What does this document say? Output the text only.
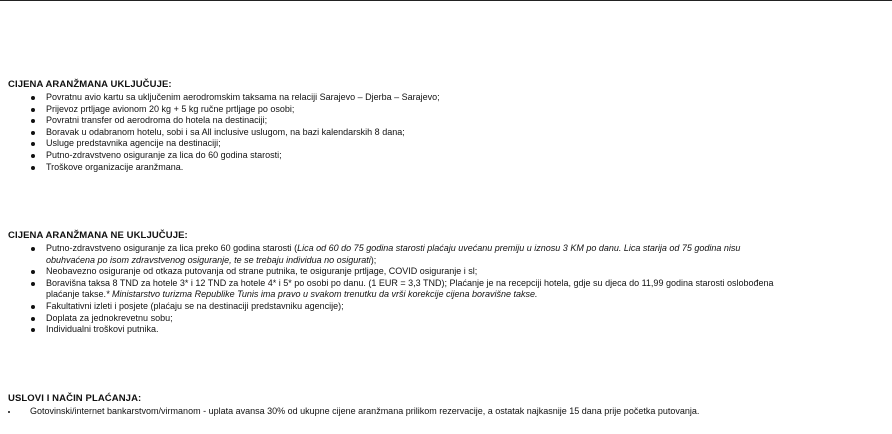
CIJENA ARANŽMANA UKLJUČUJE:
Povratnu avio kartu sa uključenim aerodromskim taksama na relaciji Sarajevo – Djerba – Sarajevo;
Prijevoz prtljage avionom 20 kg + 5 kg ručne prtljage po osobi;
Povratni transfer od aerodroma do hotela na destinaciji;
Boravak u odabranom hotelu, sobi i sa All inclusive uslugom, na bazi kalendarskih 8 dana;
Usluge predstavnika agencije na destinaciji;
Putno-zdravstveno osiguranje za lica do 60 godina starosti;
Troškove organizacije aranžmana.
CIJENA ARANŽMANA NE UKLJUČUJE:
Putno-zdravstveno osiguranje za lica preko 60 godina starosti (Lica od 60 do 75 godina starosti plaćaju uvećanu premiju u iznosu 3 KM po danu. Lica starija od 75 godina nisu
obuhvaćena po isom zdravstvenog osiguranje, te se trebaju individua no osigurati);
Neobavezno osiguranje od otkaza putovanja od strane putnika, te osiguranje prtljage, COVID osiguranje i sl;
Boravišna taksa 8 TND za hotele 3* i 12 TND za hotele 4* i 5* po osobi po danu. (1 EUR = 3,3 TND); Plaćanje je na recepciji hotela, gdje su djeca do 11,99 godina starosti oslobođena
plaćanje takse.* Ministarstvo turizma Republike Tunis ima pravo u svakom trenutku da vrši korekcije cijena boravišne takse.
Fakultativni izleti i posjete (plaćaju se na destinaciji predstavniku agencije);
Doplata za jednokrevetnu sobu;
Individualni troškovi putnika.
USLOVI I NAČIN PLAĆANJA:
Gotovinski/internet bankarstvom/virmanom - uplata avansa 30% od ukupne cijene aranžmana prilikom rezervacije, a ostatak najkasnije 15 dana prije početka putovanja.
